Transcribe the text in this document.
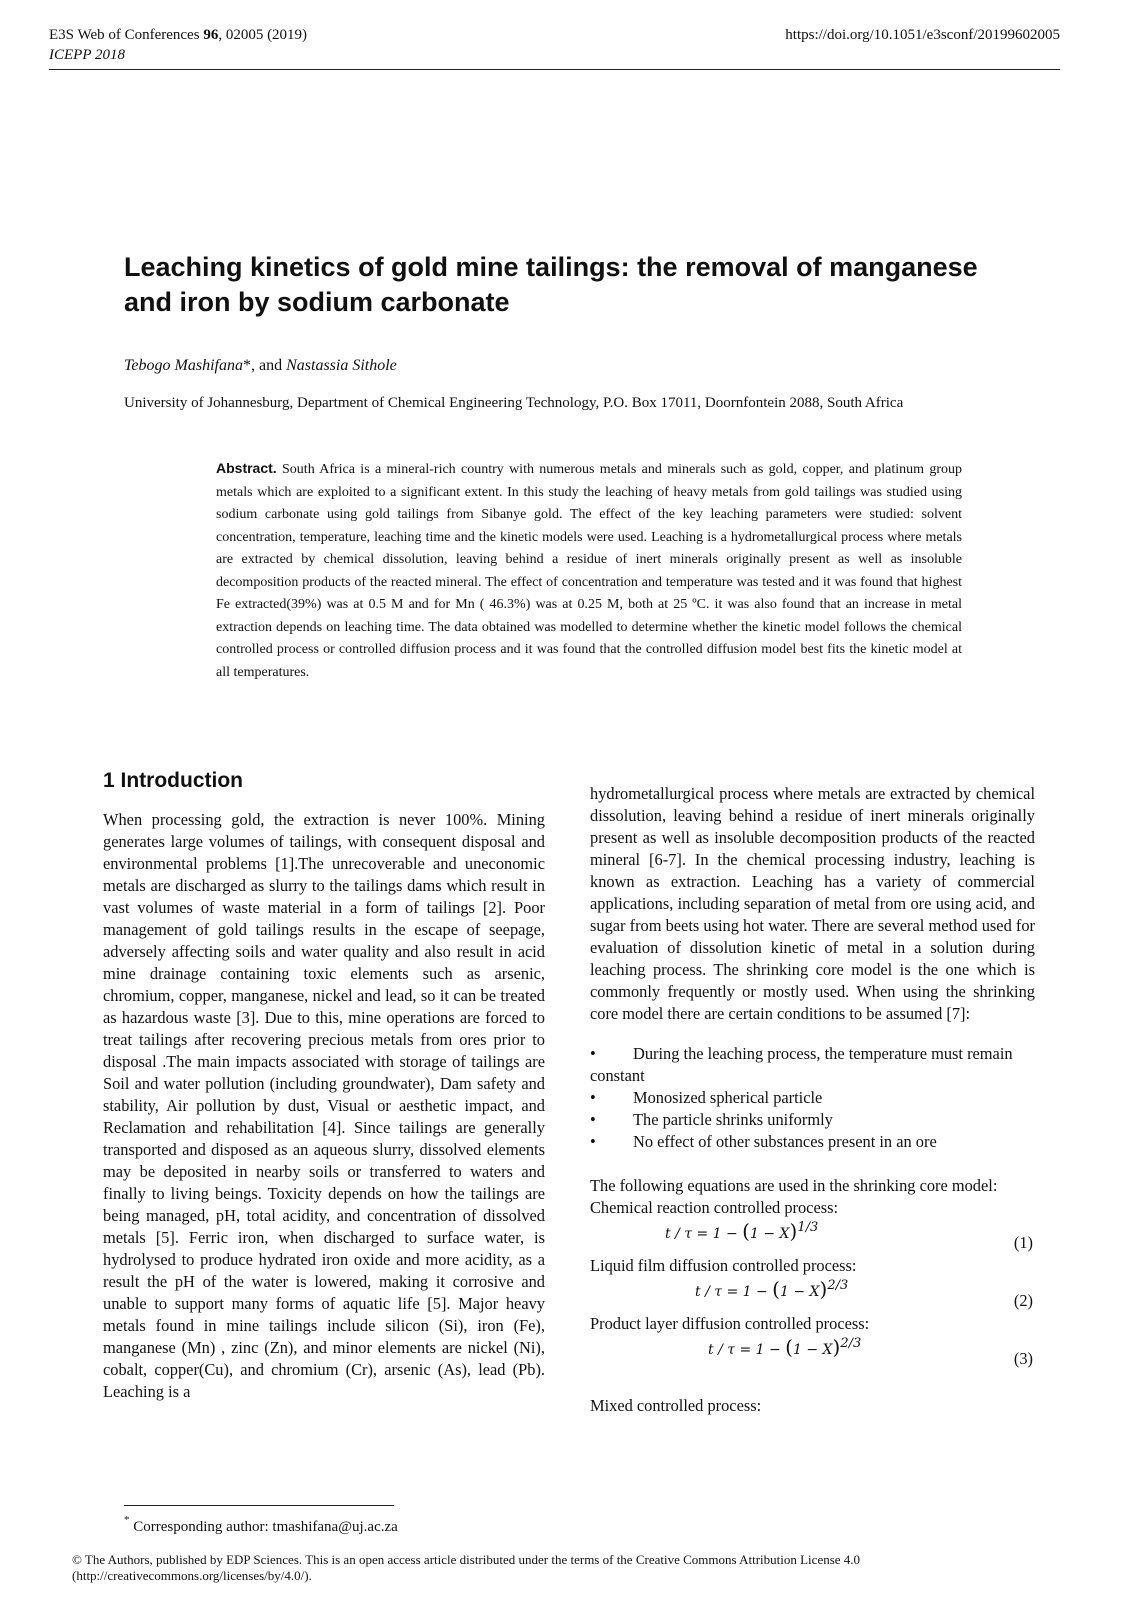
E3S Web of Conferences 96, 02005 (2019)
ICEPP 2018
https://doi.org/10.1051/e3sconf/20199602005
Leaching kinetics of gold mine tailings: the removal of manganese and iron by sodium carbonate
Tebogo Mashifana*, and Nastassia Sithole
University of Johannesburg, Department of Chemical Engineering Technology, P.O. Box 17011, Doornfontein 2088, South Africa
Abstract. South Africa is a mineral-rich country with numerous metals and minerals such as gold, copper, and platinum group metals which are exploited to a significant extent. In this study the leaching of heavy metals from gold tailings was studied using sodium carbonate using gold tailings from Sibanye gold. The effect of the key leaching parameters were studied: solvent concentration, temperature, leaching time and the kinetic models were used. Leaching is a hydrometallurgical process where metals are extracted by chemical dissolution, leaving behind a residue of inert minerals originally present as well as insoluble decomposition products of the reacted mineral. The effect of concentration and temperature was tested and it was found that highest Fe extracted(39%) was at 0.5 M and for Mn ( 46.3%) was at 0.25 M, both at 25 ºC. it was also found that an increase in metal extraction depends on leaching time. The data obtained was modelled to determine whether the kinetic model follows the chemical controlled process or controlled diffusion process and it was found that the controlled diffusion model best fits the kinetic model at all temperatures.
1 Introduction

When processing gold, the extraction is never 100%. Mining generates large volumes of tailings, with consequent disposal and environmental problems [1].The unrecoverable and uneconomic metals are discharged as slurry to the tailings dams which result in vast volumes of waste material in a form of tailings [2]. Poor management of gold tailings results in the escape of seepage, adversely affecting soils and water quality and also result in acid mine drainage containing toxic elements such as arsenic, chromium, copper, manganese, nickel and lead, so it can be treated as hazardous waste [3]. Due to this, mine operations are forced to treat tailings after recovering precious metals from ores prior to disposal .The main impacts associated with storage of tailings are Soil and water pollution (including groundwater), Dam safety and stability, Air pollution by dust, Visual or aesthetic impact, and Reclamation and rehabilitation [4]. Since tailings are generally transported and disposed as an aqueous slurry, dissolved elements may be deposited in nearby soils or transferred to waters and finally to living beings. Toxicity depends on how the tailings are being managed, pH, total acidity, and concentration of dissolved metals [5]. Ferric iron, when discharged to surface water, is hydrolysed to produce hydrated iron oxide and more acidity, as a result the pH of the water is lowered, making it corrosive and unable to support many forms of aquatic life [5]. Major heavy metals found in mine tailings include silicon (Si), iron (Fe), manganese (Mn) , zinc (Zn), and minor elements are nickel (Ni), cobalt, copper(Cu), and chromium (Cr), arsenic (As), lead (Pb). Leaching is a

hydrometallurgical process where metals are extracted by chemical dissolution, leaving behind a residue of inert minerals originally present as well as insoluble decomposition products of the reacted mineral [6-7]. In the chemical processing industry, leaching is known as extraction. Leaching has a variety of commercial applications, including separation of metal from ore using acid, and sugar from beets using hot water. There are several method used for evaluation of dissolution kinetic of metal in a solution during leaching process. The shrinking core model is the one which is commonly frequently or mostly used. When using the shrinking core model there are certain conditions to be assumed [7]:

• During the leaching process, the temperature must remain constant
• Monosized spherical particle
• The particle shrinks uniformly
• No effect of other substances present in an ore

The following equations are used in the shrinking core model:

Chemical reaction controlled process:
t / τ = 1 − (1 − X)1/3
(1)
Liquid film diffusion controlled process:
t / τ = 1 − (1 − X)2/3
(2)
Product layer diffusion controlled process:
t / τ = 1 − (1 − X)2/3
(3)

Mixed controlled process:

* Corresponding author: tmashifana@uj.ac.za
© The Authors, published by EDP Sciences. This is an open access article distributed under the terms of the Creative Commons Attribution License 4.0 (http://creativecommons.org/licenses/by/4.0/).
